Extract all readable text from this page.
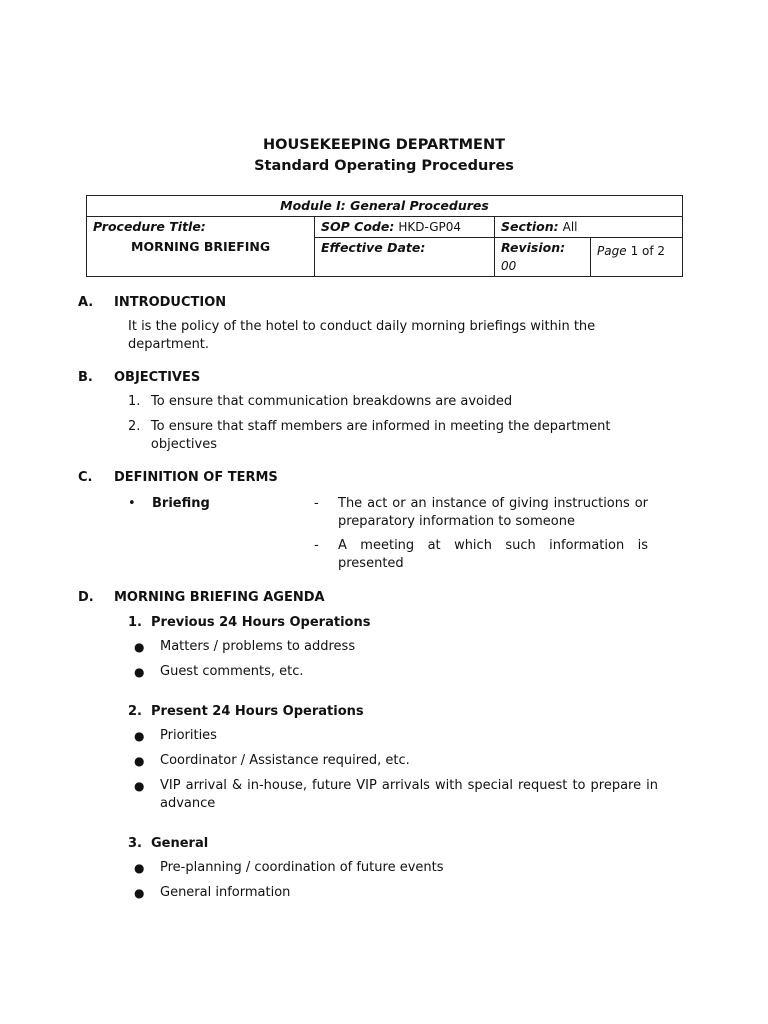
HOUSEKEEPING DEPARTMENT
Standard Operating Procedures
Module I: General Procedures			

Procedure Title:
MORNING BRIEFING	SOP Code: HKD-GP04	Section: All	
	Effective Date:	Revision: 00	Page 1 of 2
A.	INTRODUCTION
It is the policy of the hotel to conduct daily morning briefings within the department.
B.	OBJECTIVES
1. To ensure that communication breakdowns are avoided
2. To ensure that staff members are informed in meeting the department objectives
C.	DEFINITION OF TERMS
•	Briefing	-	The act or an instance of giving instructions or preparatory information to someone
-	A meeting at which such information is presented
D.	MORNING BRIEFING AGENDA
1. Previous 24 Hours Operations
●	Matters / problems to address
●	Guest comments, etc.
2. Present 24 Hours Operations
●	Priorities
●	Coordinator / Assistance required, etc.
●	VIP arrival & in-house, future VIP arrivals with special request to prepare in advance
3. General
●	Pre-planning / coordination of future events
●	General information
